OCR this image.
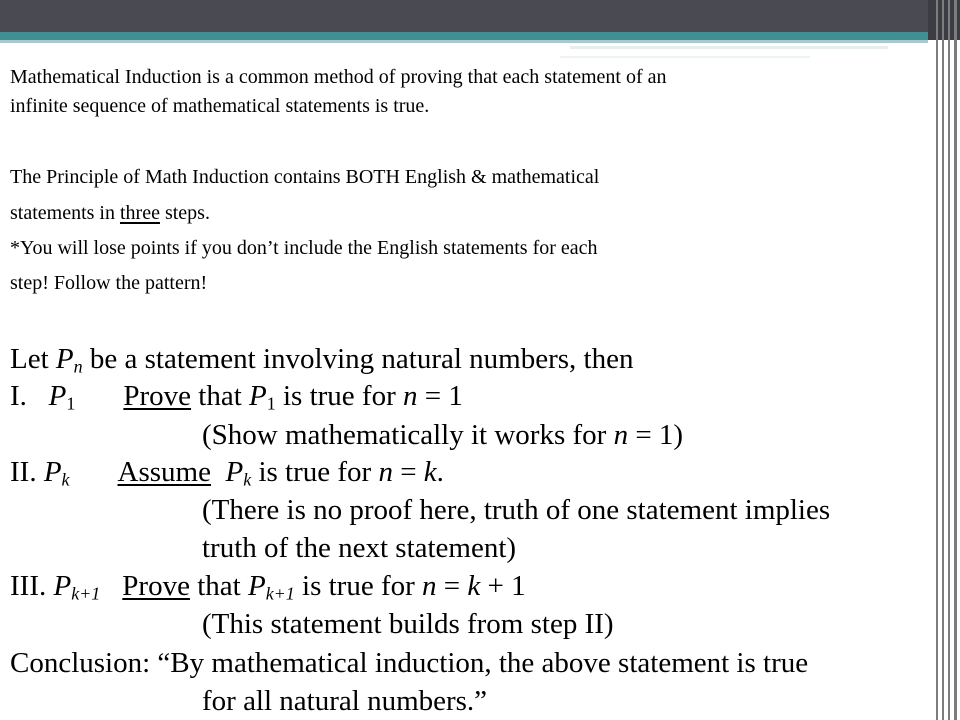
Mathematical Induction is a common method of proving that each statement of an

infinite sequence of mathematical statements is true.

The Principle of Math Induction contains BOTH English & mathematical

statements in three steps.

*You will lose points if you don’t include the English statements for each

step! Follow the pattern!

Let $P_n$ be a statement involving natural numbers, then

I. $P_1$ Prove that $P_1$ is true for n = 1

(Show mathematically it works for n = 1)

II. $P_k$ Assume $P_k$ is true for n = k.

(There is no proof here, truth of one statement implies

truth of the next statement)

III. $P_{k+1}$ Prove that $P_{k+1}$ is true for n = k + 1

(This statement builds from step II)

Conclusion: “By mathematical induction, the above statement is true

for all natural numbers.”
